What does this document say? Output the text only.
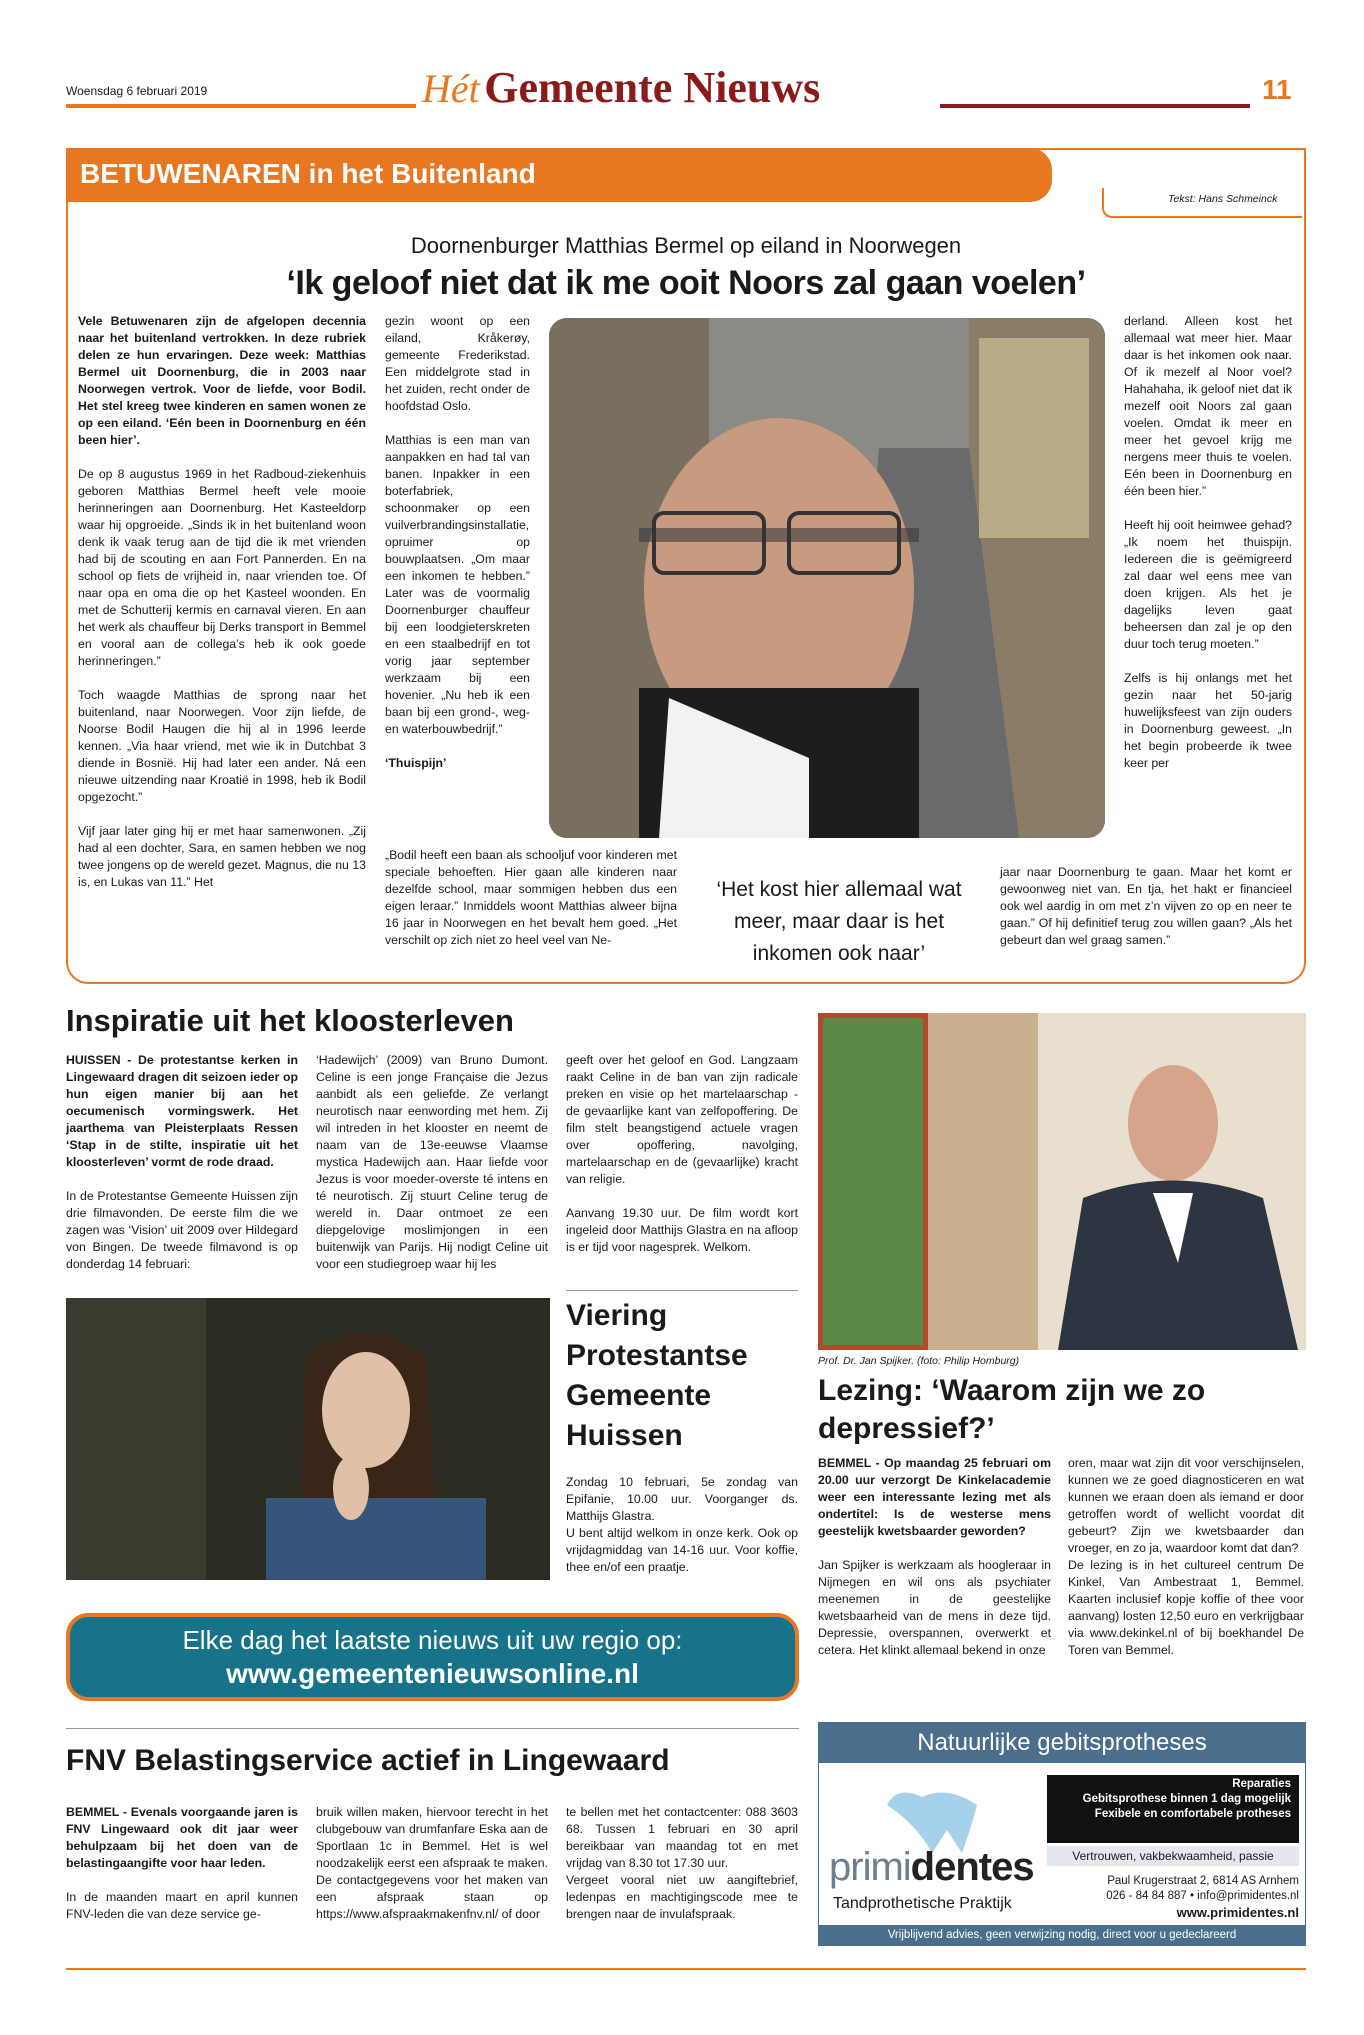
Woensdag 6 februari 2019	Hét Gemeente Nieuws	11
BETUWENAREN in het Buitenland
Tekst: Hans Schmeinck
Doornenburger Matthias Bermel op eiland in Noorwegen
‘Ik geloof niet dat ik me ooit Noors zal gaan voelen’

Vele Betuwenaren zijn de afgelopen decennia naar het buitenland vertrokken. In deze rubriek delen ze hun ervaringen. Deze week: Matthias Bermel uit Doornenburg, die in 2003 naar Noorwegen vertrok. Voor de liefde, voor Bodil. Het stel kreeg twee kinderen en samen wonen ze op een eiland. ‘Eén been in Doornenburg en één been hier’.

De op 8 augustus 1969 in het Radboud-ziekenhuis geboren Matthias Bermel heeft vele mooie herinneringen aan Doornenburg. Het Kasteeldorp waar hij opgroeide. „Sinds ik in het buitenland woon denk ik vaak terug aan de tijd die ik met vrienden had bij de scouting en aan Fort Pannerden. En na school op fiets de vrijheid in, naar vrienden toe. Of naar opa en oma die op het Kasteel woonden. En met de Schutterij kermis en carnaval vieren. En aan het werk als chauffeur bij Derks transport in Bemmel en vooral aan de collega’s heb ik ook goede herinneringen.”

Toch waagde Matthias de sprong naar het buitenland, naar Noorwegen. Voor zijn liefde, de Noorse Bodil Haugen die hij al in 1996 leerde kennen. „Via haar vriend, met wie ik in Dutchbat 3 diende in Bosnië. Hij had later een ander. Ná een nieuwe uitzending naar Kroatië in 1998, heb ik Bodil opgezocht.”

Vijf jaar later ging hij er met haar samenwonen. „Zij had al een dochter, Sara, en samen hebben we nog twee jongens op de wereld gezet. Magnus, die nu 13 is, en Lukas van 11.” Het

gezin woont op een eiland, Kråkerøy, gemeente Frederikstad. Een middelgrote stad in het zuiden, recht onder de hoofdstad Oslo.

Matthias is een man van aanpakken en had tal van banen. Inpakker in een boterfabriek, schoonmaker op een vuilverbrandingsinstallatie, opruimer op bouwplaatsen. „Om maar een inkomen te hebben.” Later was de voormalig Doornenburger chauffeur bij een loodgieterskreten en een staalbedrijf en tot vorig jaar september werkzaam bij een hovenier. „Nu heb ik een baan bij een grond-, weg- en waterbouwbedrijf.”

‘Thuispijn’

„Bodil heeft een baan als schooljuf voor kinderen met speciale behoeften. Hier gaan alle kinderen naar dezelfde school, maar sommigen hebben dus een eigen leraar.” Inmiddels woont Matthias alweer bijna 16 jaar in Noorwegen en het bevalt hem goed. „Het verschilt op zich niet zo heel veel van Ne-

derland. Alleen kost het allemaal wat meer hier. Maar daar is het inkomen ook naar. Of ik mezelf al Noor voel? Hahahaha, ik geloof niet dat ik mezelf ooit Noors zal gaan voelen. Omdat ik meer en meer het gevoel krijg me nergens meer thuis te voelen. Eén been in Doornenburg en één been hier.”

Heeft hij ooit heimwee gehad? „Ik noem het thuispijn. Iedereen die is geëmigreerd zal daar wel eens mee van doen krijgen. Als het je dagelijks leven gaat beheersen dan zal je op den duur toch terug moeten.”

Zelfs is hij onlangs met het gezin naar het 50-jarig huwelijksfeest van zijn ouders in Doornenburg geweest. „In het begin probeerde ik twee keer per

jaar naar Doornenburg te gaan. Maar het komt er gewoonweg niet van. En tja, het hakt er financieel ook wel aardig in om met z’n vijven zo op en neer te gaan.” Of hij definitief terug zou willen gaan? „Als het gebeurt dan wel graag samen.”

‘Het kost hier allemaal wat meer, maar daar is het inkomen ook naar’
Inspiratie uit het kloosterleven

HUISSEN - De protestantse kerken in Lingewaard dragen dit seizoen ieder op hun eigen manier bij aan het oecumenisch vormingswerk. Het jaarthema van Pleisterplaats Ressen ‘Stap in de stilte, inspiratie uit het kloosterleven’ vormt de rode draad.

In de Protestantse Gemeente Huissen zijn drie filmavonden. De eerste film die we zagen was ‘Vision’ uit 2009 over Hildegard von Bingen. De tweede filmavond is op donderdag 14 februari:

‘Hadewijch’ (2009) van Bruno Dumont. Celine is een jonge Française die Jezus aanbidt als een geliefde. Ze verlangt neurotisch naar eenwording met hem. Zij wil intreden in het klooster en neemt de naam van de 13e-eeuwse Vlaamse mystica Hadewijch aan. Haar liefde voor Jezus is voor moeder-overste té intens en té neurotisch. Zij stuurt Celine terug de wereld in. Daar ontmoet ze een diepgelovige moslimjongen in een buitenwijk van Parijs. Hij nodigt Celine uit voor een studiegroep waar hij les

geeft over het geloof en God. Langzaam raakt Celine in de ban van zijn radicale preken en visie op het martelaarschap - de gevaarlijke kant van zelfopoffering. De film stelt beangstigend actuele vragen over opoffering, navolging, martelaarschap en de (gevaarlijke) kracht van religie.

Aanvang 19.30 uur. De film wordt kort ingeleid door Matthijs Glastra en na afloop is er tijd voor nagesprek. Welkom.

Viering Protestantse Gemeente Huissen

Zondag 10 februari, 5e zondag van Epifanie, 10.00 uur. Voorganger ds. Matthijs Glastra.

U bent altijd welkom in onze kerk. Ook op vrijdagmiddag van 14-16 uur. Voor koffie, thee en/of een praatje.

Elke dag het laatste nieuws uit uw regio op:
www.gemeentenieuwsonline.nl
Prof. Dr. Jan Spijker. (foto: Philip Homburg)
Lezing: ‘Waarom zijn we zo depressief?’

BEMMEL - Op maandag 25 februari om 20.00 uur verzorgt De Kinkelacademie weer een interessante lezing met als ondertitel: Is de westerse mens geestelijk kwetsbaarder geworden?

Jan Spijker is werkzaam als hoogleraar in Nijmegen en wil ons als psychiater meenemen in de geestelijke kwetsbaarheid van de mens in deze tijd. Depressie, overspannen, overwerkt et cetera. Het klinkt allemaal bekend in onze

oren, maar wat zijn dit voor verschijnselen, kunnen we ze goed diagnosticeren en wat kunnen we eraan doen als iemand er door getroffen wordt of wellicht voordat dit gebeurt? Zijn we kwetsbaarder dan vroeger, en zo ja, waardoor komt dat dan?

De lezing is in het cultureel centrum De Kinkel, Van Ambestraat 1, Bemmel. Kaarten inclusief kopje koffie of thee voor aanvang) losten 12,50 euro en verkrijgbaar via www.dekinkel.nl of bij boekhandel De Toren van Bemmel.

FNV Belastingservice actief in Lingewaard

BEMMEL - Evenals voorgaande jaren is FNV Lingewaard ook dit jaar weer behulpzaam bij het doen van de belastingaangifte voor haar leden.

In de maanden maart en april kunnen FNV-leden die van deze service ge-

bruik willen maken, hiervoor terecht in het clubgebouw van drumfanfare Eska aan de Sportlaan 1c in Bemmel. Het is wel noodzakelijk eerst een afspraak te maken. De contactgegevens voor het maken van een afspraak staan op https://www.afspraakmakenfnv.nl/ of door

te bellen met het contactcenter: 088 3603 68. Tussen 1 februari en 30 april bereikbaar van maandag tot en met vrijdag van 8.30 tot 17.30 uur.

Vergeet vooral niet uw aangiftebrief, ledenpas en machtigingscode mee te brengen naar de invulafspraak.

Natuurlijke gebitsprotheses
Reparaties
Gebitsprothese binnen 1 dag mogelijk
Fexibele en comfortabele protheses
Vertrouwen, vakbekwaamheid, passie
primidentes
Tandprothetische Praktijk
Paul Krugerstraat 2, 6814 AS Arnhem
026 - 84 84 887 • info@primidentes.nl
www.primidentes.nl
Vrijblijvend advies, geen verwijzing nodig, direct voor u gedeclareerd
